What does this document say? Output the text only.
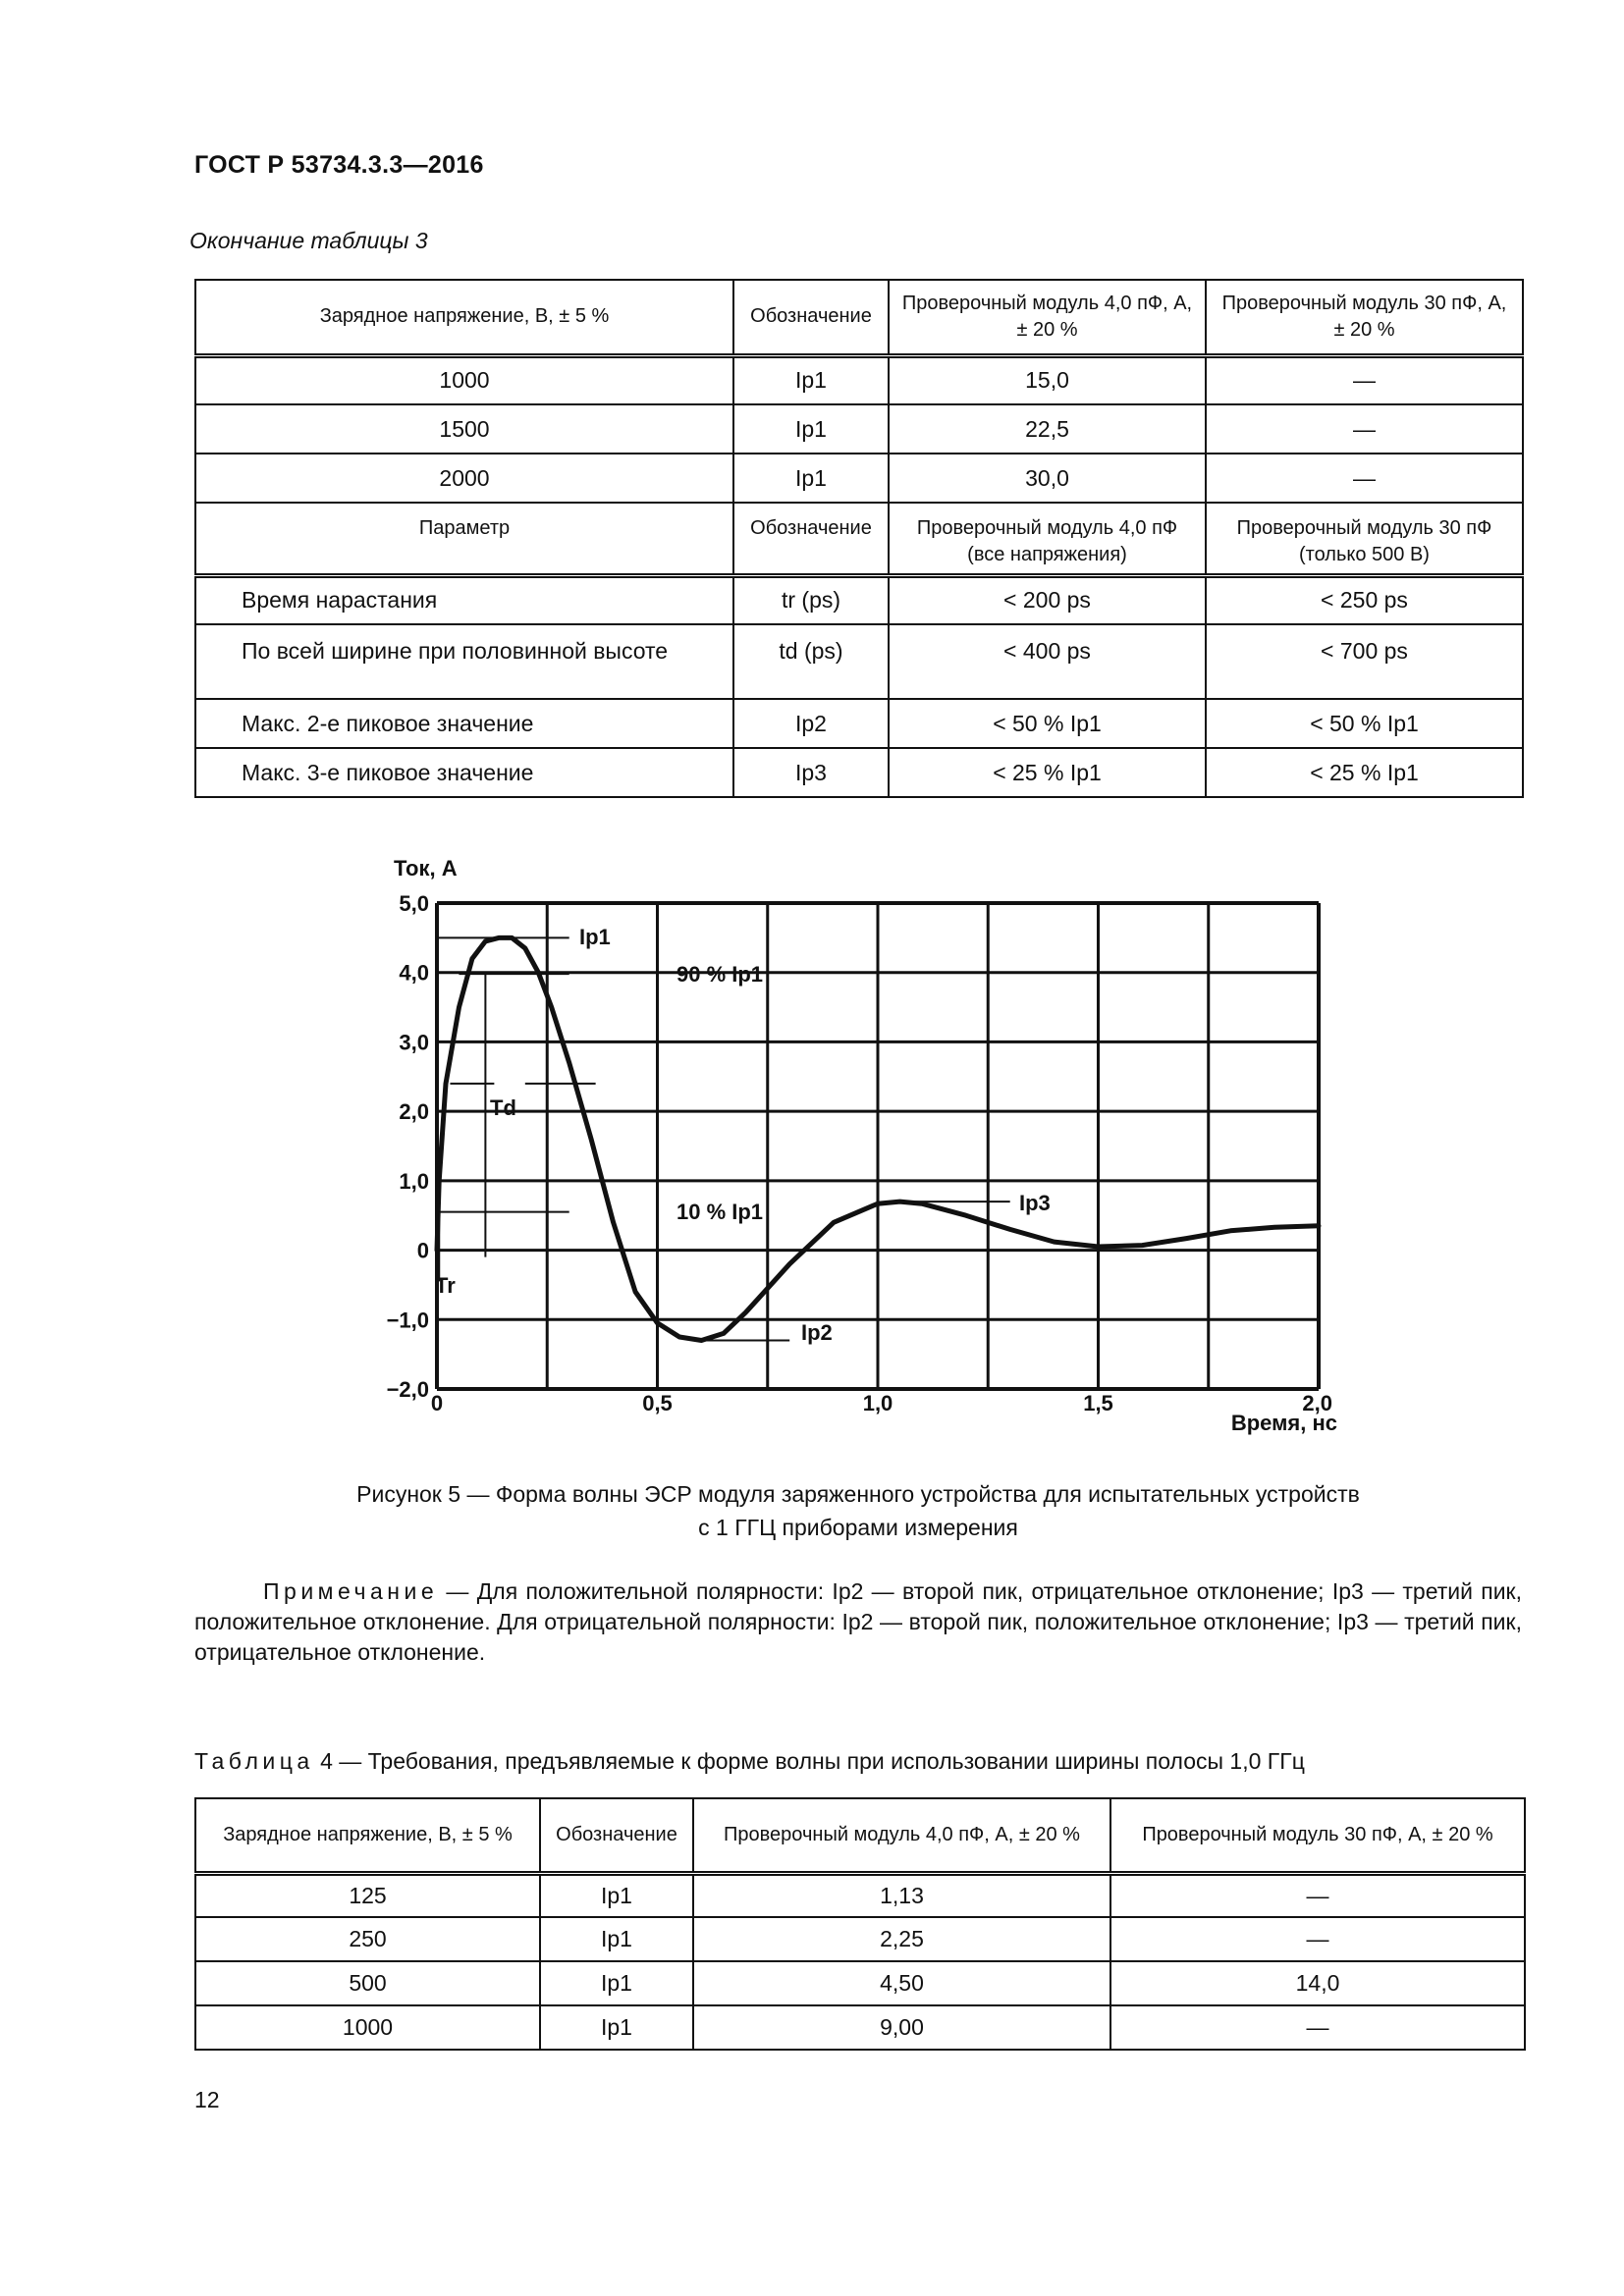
ГОСТ Р 53734.3.3—2016
Окончание таблицы 3
Зарядное напряжение, В, ± 5 %	Обозначение	Проверочный модуль 4,0 пФ, А, ± 20 %	Проверочный модуль 30 пФ, А, ± 20 %
1000	Ip1	15,0	—
1500	Ip1	22,5	—
2000	Ip1	30,0	—
Параметр	Обозначение	Проверочный модуль 4,0 пФ (все напряжения)	Проверочный модуль 30 пФ (только 500 В)
Время нарастания	tr (ps)	< 200 ps	< 250 ps
По всей ширине при половинной высоте	td (ps)	< 400 ps	< 700 ps
Макс. 2-е пиковое значение	Ip2	< 50 % Ip1	< 50 % Ip1
Макс. 3-е пиковое значение	Ip3	< 25 % Ip1	< 25 % Ip1
Ток, А
Время, нс
5,0
4,0
3,0
2,0
1,0
0
−1,0
−2,0
0	0,5	1,0	1,5	2,0
Ip1
90 % Ip1
Td
10 % Ip1	Ip3
Ip2
Tr
Рисунок 5 — Форма волны ЭСР модуля заряженного устройства для испытательных устройств
с 1 ГГЦ приборами измерения
Примечание — Для положительной полярности: Ip2 — второй пик, отрицательное отклонение; Ip3 — третий пик, положительное отклонение. Для отрицательной полярности: Ip2 — второй пик, положительное отклонение; Ip3 — третий пик, отрицательное отклонение.
Таблица 4 — Требования, предъявляемые к форме волны при использовании ширины полосы 1,0 ГГц
Зарядное напряжение, В, ± 5 %	Обозначение	Проверочный модуль 4,0 пФ, А, ± 20 %	Проверочный модуль 30 пФ, А, ± 20 %
125	Ip1	1,13	—
250	Ip1	2,25	—
500	Ip1	4,50	14,0
1000	Ip1	9,00	—
12
